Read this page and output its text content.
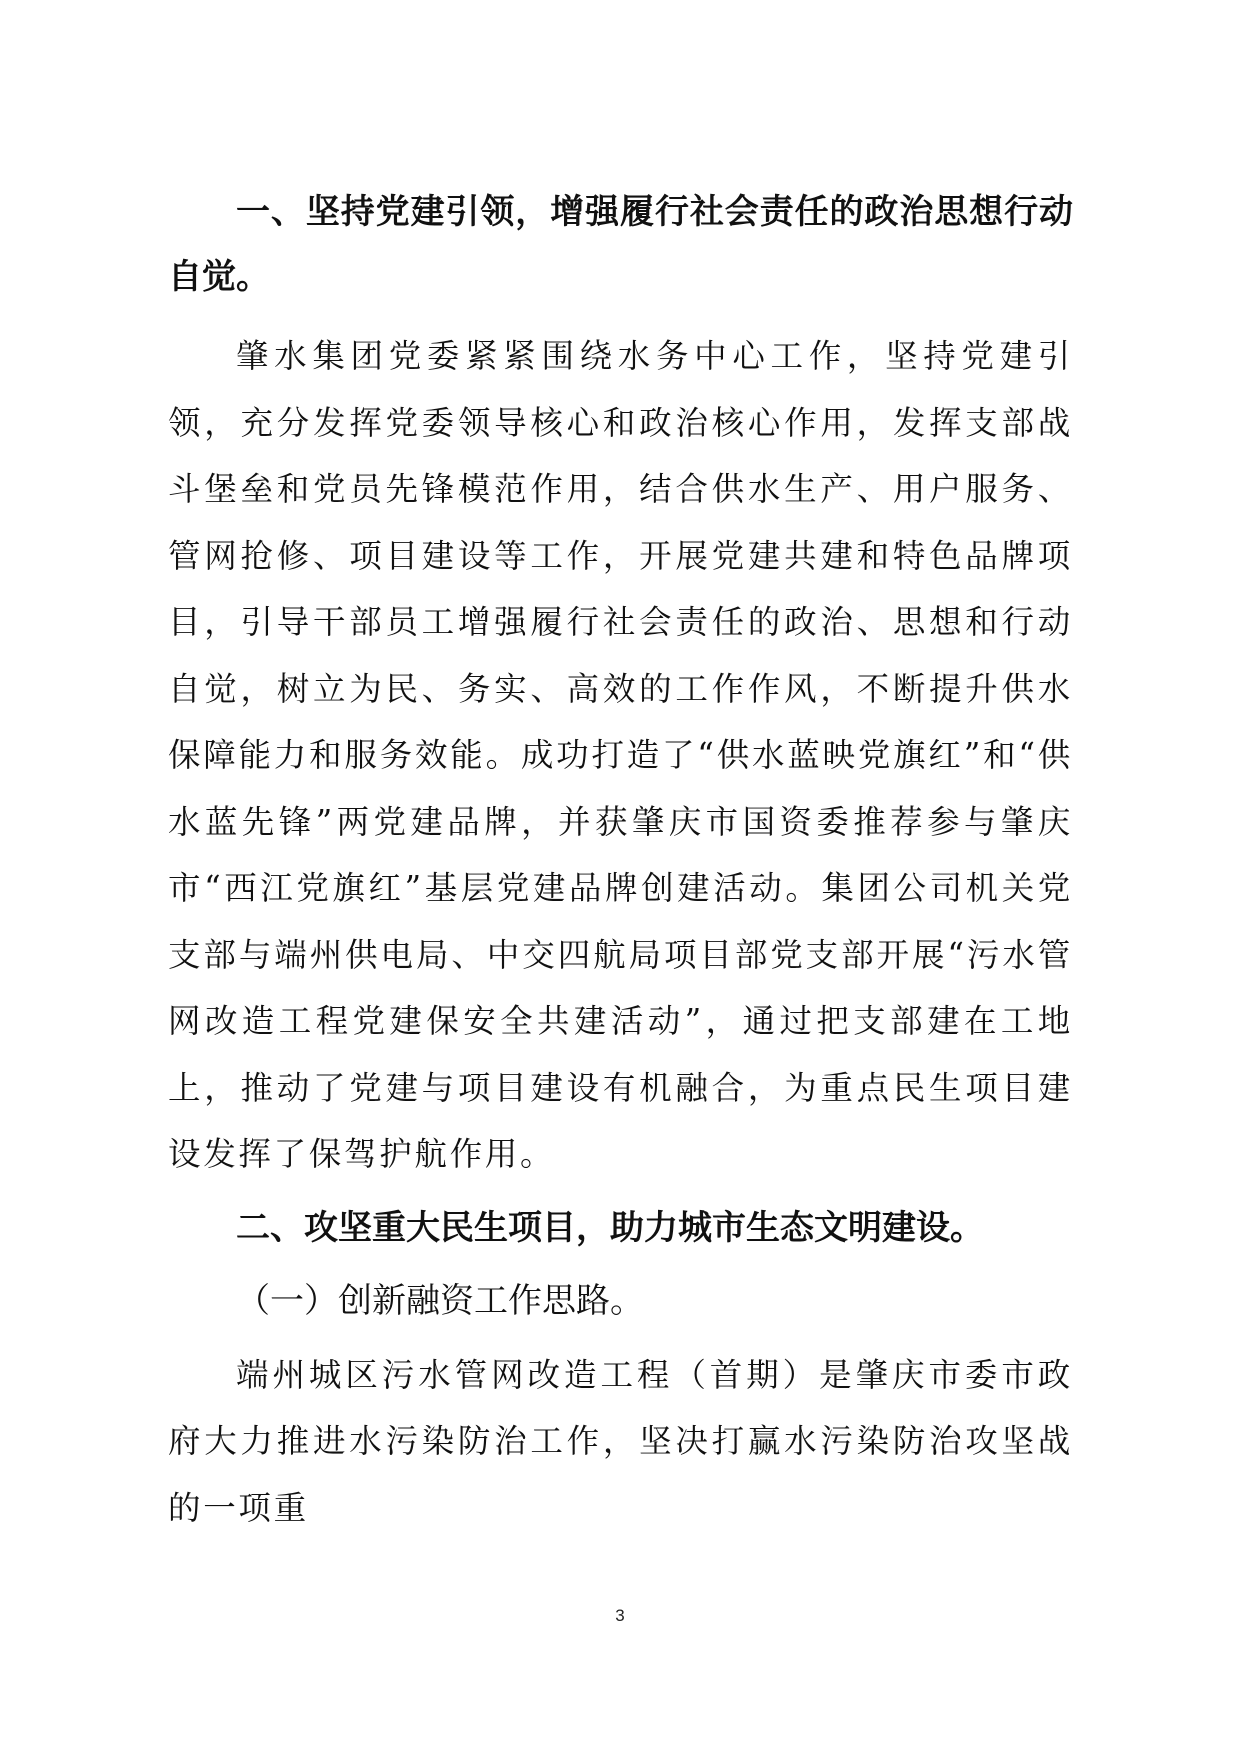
一、坚持党建引领，增强履行社会责任的政治思想行动自觉。

肇水集团党委紧紧围绕水务中心工作，坚持党建引领，充分发挥党委领导核心和政治核心作用，发挥支部战斗堡垒和党员先锋模范作用，结合供水生产、用户服务、管网抢修、项目建设等工作，开展党建共建和特色品牌项目，引导干部员工增强履行社会责任的政治、思想和行动自觉，树立为民、务实、高效的工作作风，不断提升供水保障能力和服务效能。成功打造了“供水蓝映党旗红”和“供水蓝先锋”两党建品牌，并获肇庆市国资委推荐参与肇庆市“西江党旗红”基层党建品牌创建活动。集团公司机关党支部与端州供电局、中交四航局项目部党支部开展“污水管网改造工程党建保安全共建活动”，通过把支部建在工地上，推动了党建与项目建设有机融合，为重点民生项目建设发挥了保驾护航作用。

二、攻坚重大民生项目，助力城市生态文明建设。

（一）创新融资工作思路。

端州城区污水管网改造工程（首期）是肇庆市委市政府大力推进水污染防治工作，坚决打赢水污染防治攻坚战的一项重

3
